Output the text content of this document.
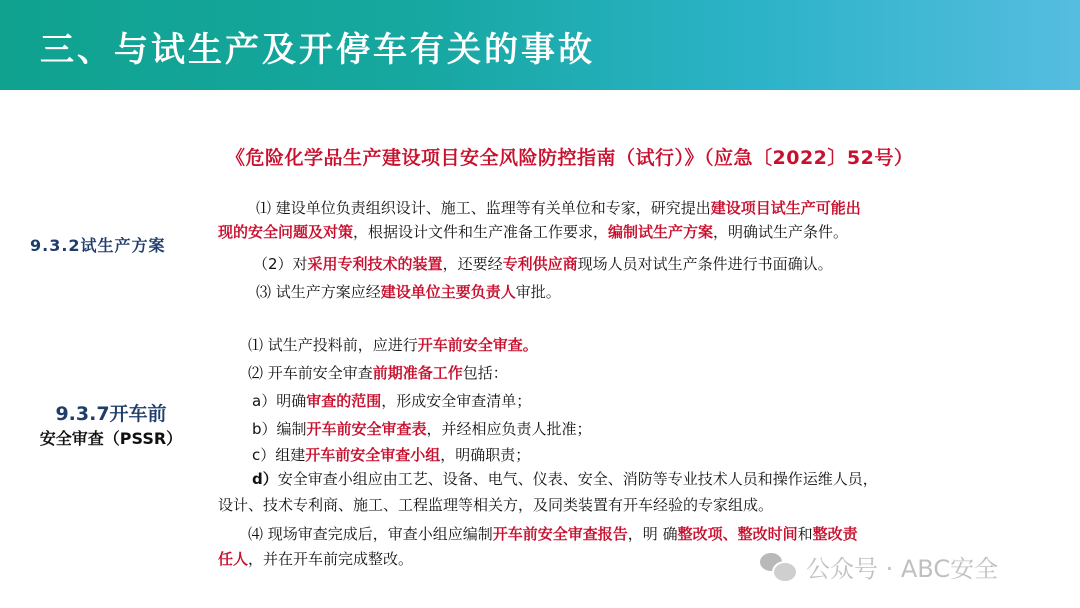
三、与试生产及开停车有关的事故
《危险化学品生产建设项目安全风险防控指南（试行）》（应急〔2022〕52号）
9.3.2试生产方案
⑴ 建设单位负责组织设计、施工、监理等有关单位和专家，研究提出建设项目试生产可能出
现的安全问题及对策，根据设计文件和生产准备工作要求，编制试生产方案，明确试生产条件。
（2）对采用专利技术的装置，还要经专利供应商现场人员对试生产条件进行书面确认。
⑶ 试生产方案应经建设单位主要负责人审批。
9.3.7开车前
安全审查（PSSR）
⑴ 试生产投料前，应进行开车前安全审查。
⑵ 开车前安全审查前期准备工作包括：
a）明确审查的范围，形成安全审查清单；
b）编制开车前安全审查表，并经相应负责人批准；
c）组建开车前安全审查小组，明确职责；
d）安全审查小组应由工艺、设备、电气、仪表、安全、消防等专业技术人员和操作运维人员，
设计、技术专利商、施工、工程监理等相关方，及同类装置有开车经验的专家组成。
⑷ 现场审查完成后，审查小组应编制开车前安全审查报告，明 确整改项、整改时间和整改责
任人，并在开车前完成整改。	公众号 · ABC安全
